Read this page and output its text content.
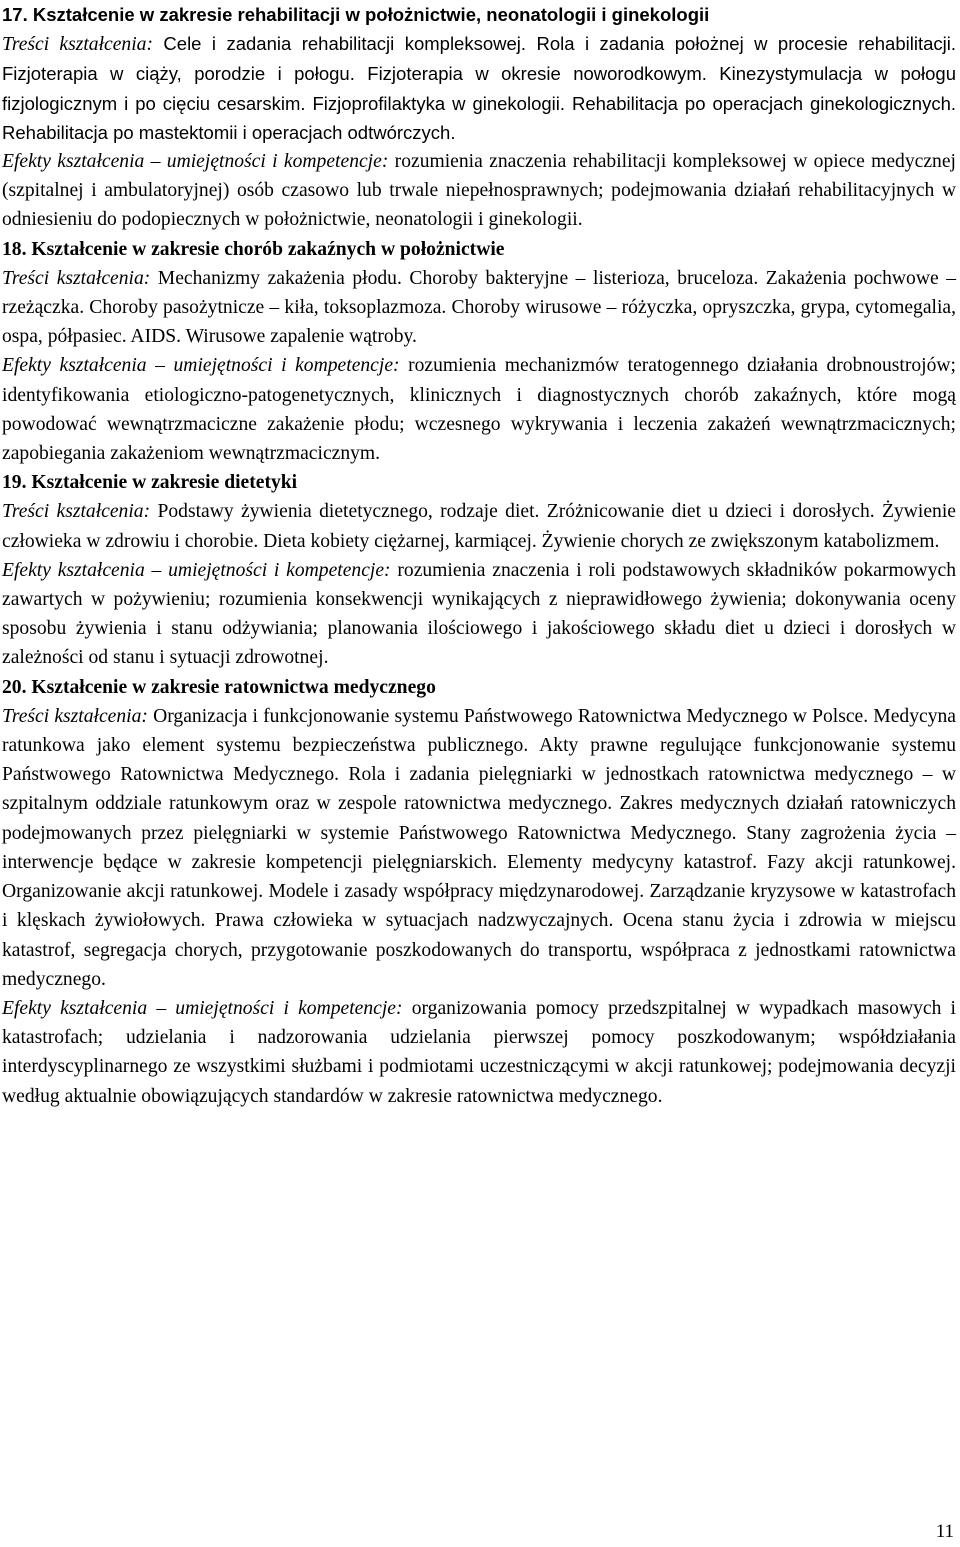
17. Kształcenie w zakresie rehabilitacji w położnictwie, neonatologii i ginekologii

Treści kształcenia: Cele i zadania rehabilitacji kompleksowej. Rola i zadania położnej w procesie rehabilitacji. Fizjoterapia w ciąży, porodzie i połogu. Fizjoterapia w okresie noworodkowym. Kinezystymulacja w połogu fizjologicznym i po cięciu cesarskim. Fizjoprofilaktyka w ginekologii. Rehabilitacja po operacjach ginekologicznych. Rehabilitacja po mastektomii i operacjach odtwórczych.

Efekty kształcenia – umiejętności i kompetencje: rozumienia znaczenia rehabilitacji kompleksowej w opiece medycznej (szpitalnej i ambulatoryjnej) osób czasowo lub trwale niepełnosprawnych; podejmowania działań rehabilitacyjnych w odniesieniu do podopiecznych w położnictwie, neonatologii i ginekologii.

18. Kształcenie w zakresie chorób zakaźnych w położnictwie

Treści kształcenia: Mechanizmy zakażenia płodu. Choroby bakteryjne – listerioza, bruceloza. Zakażenia pochwowe – rzeżączka. Choroby pasożytnicze – kiła, toksoplazmoza. Choroby wirusowe – różyczka, opryszczka, grypa, cytomegalia, ospa, półpasiec. AIDS. Wirusowe zapalenie wątroby.

Efekty kształcenia – umiejętności i kompetencje: rozumienia mechanizmów teratogennego działania drobnoustrojów; identyfikowania etiologiczno-patogenetycznych, klinicznych i diagnostycznych chorób zakaźnych, które mogą powodować wewnątrzmaciczne zakażenie płodu; wczesnego wykrywania i leczenia zakażeń wewnątrzmacicznych; zapobiegania zakażeniom wewnątrzmacicznym.

19. Kształcenie w zakresie dietetyki

Treści kształcenia: Podstawy żywienia dietetycznego, rodzaje diet. Zróżnicowanie diet u dzieci i dorosłych. Żywienie człowieka w zdrowiu i chorobie. Dieta kobiety ciężarnej, karmiącej. Żywienie chorych ze zwiększonym katabolizmem.

Efekty kształcenia – umiejętności i kompetencje: rozumienia znaczenia i roli podstawowych składników pokarmowych zawartych w pożywieniu; rozumienia konsekwencji wynikających z nieprawidłowego żywienia; dokonywania oceny sposobu żywienia i stanu odżywiania; planowania ilościowego i jakościowego składu diet u dzieci i dorosłych w zależności od stanu i sytuacji zdrowotnej.

20. Kształcenie w zakresie ratownictwa medycznego

Treści kształcenia: Organizacja i funkcjonowanie systemu Państwowego Ratownictwa Medycznego w Polsce. Medycyna ratunkowa jako element systemu bezpieczeństwa publicznego. Akty prawne regulujące funkcjonowanie systemu Państwowego Ratownictwa Medycznego. Rola i zadania pielęgniarki w jednostkach ratownictwa medycznego – w szpitalnym oddziale ratunkowym oraz w zespole ratownictwa medycznego. Zakres medycznych działań ratowniczych podejmowanych przez pielęgniarki w systemie Państwowego Ratownictwa Medycznego. Stany zagrożenia życia – interwencje będące w zakresie kompetencji pielęgniarskich. Elementy medycyny katastrof. Fazy akcji ratunkowej. Organizowanie akcji ratunkowej. Modele i zasady współpracy międzynarodowej. Zarządzanie kryzysowe w katastrofach i klęskach żywiołowych. Prawa człowieka w sytuacjach nadzwyczajnych. Ocena stanu życia i zdrowia w miejscu katastrof, segregacja chorych, przygotowanie poszkodowanych do transportu, współpraca z jednostkami ratownictwa medycznego.

Efekty kształcenia – umiejętności i kompetencje: organizowania pomocy przedszpitalnej w wypadkach masowych i katastrofach; udzielania i nadzorowania udzielania pierwszej pomocy poszkodowanym; współdziałania interdyscyplinarnego ze wszystkimi służbami i podmiotami uczestniczącymi w akcji ratunkowej; podejmowania decyzji według aktualnie obowiązujących standardów w zakresie ratownictwa medycznego.

11
